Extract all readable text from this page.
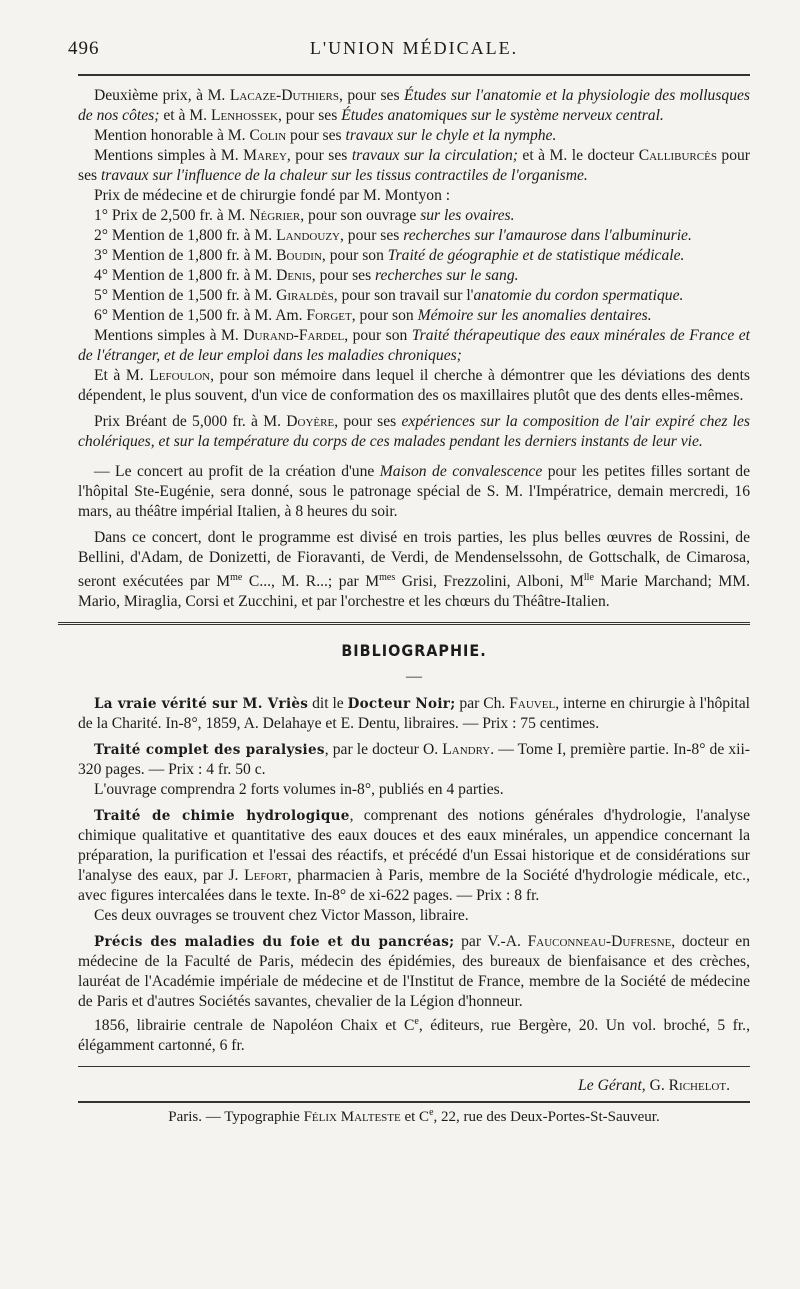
496	L'UNION MÉDICALE.

Deuxième prix, à M. Lacaze-Duthiers, pour ses Études sur l'anatomie et la physiologie des mollusques de nos côtes; et à M. Lenhossek, pour ses Études anatomiques sur le système nerveux central.

Mention honorable à M. Colin pour ses travaux sur le chyle et la nymphe.

Mentions simples à M. Marey, pour ses travaux sur la circulation; et à M. le docteur Calliburcès pour ses travaux sur l'influence de la chaleur sur les tissus contractiles de l'organisme.

Prix de médecine et de chirurgie fondé par M. Montyon :

1° Prix de 2,500 fr. à M. Négrier, pour son ouvrage sur les ovaires.

2° Mention de 1,800 fr. à M. Landouzy, pour ses recherches sur l'amaurose dans l'albuminurie.

3° Mention de 1,800 fr. à M. Boudin, pour son Traité de géographie et de statistique médicale.

4° Mention de 1,800 fr. à M. Denis, pour ses recherches sur le sang.

5° Mention de 1,500 fr. à M. Giraldès, pour son travail sur l'anatomie du cordon spermatique.

6° Mention de 1,500 fr. à M. Am. Forget, pour son Mémoire sur les anomalies dentaires.

Mentions simples à M. Durand-Fardel, pour son Traité thérapeutique des eaux minérales de France et de l'étranger, et de leur emploi dans les maladies chroniques;

Et à M. Lefoulon, pour son mémoire dans lequel il cherche à démontrer que les déviations des dents dépendent, le plus souvent, d'un vice de conformation des os maxillaires plutôt que des dents elles-mêmes.

Prix Bréant de 5,000 fr. à M. Doyère, pour ses expériences sur la composition de l'air expiré chez les cholériques, et sur la température du corps de ces malades pendant les derniers instants de leur vie.

— Le concert au profit de la création d'une Maison de convalescence pour les petites filles sortant de l'hôpital Ste-Eugénie, sera donné, sous le patronage spécial de S. M. l'Impératrice, demain mercredi, 16 mars, au théâtre impérial Italien, à 8 heures du soir.

Dans ce concert, dont le programme est divisé en trois parties, les plus belles œuvres de Rossini, de Bellini, d'Adam, de Donizetti, de Fioravanti, de Verdi, de Mendenselssohn, de Gottschalk, de Cimarosa, seront exécutées par $M^{me}$ C..., M. R...; par $M^{mes}$ Grisi, Frezzolini, Alboni, $M^{lle}$ Marie Marchand; MM. Mario, Miraglia, Corsi et Zucchini, et par l'orchestre et les chœurs du Théâtre-Italien.

BIBLIOGRAPHIE.
—

La vraie vérité sur M. Vriès dit le Docteur Noir; par Ch. Fauvel, interne en chirurgie à l'hôpital de la Charité. In-8°, 1859, A. Delahaye et E. Dentu, libraires. — Prix : 75 centimes.

Traité complet des paralysies, par le docteur O. Landry. — Tome I, première partie. In-8° de xii-320 pages. — Prix : 4 fr. 50 c.

L'ouvrage comprendra 2 forts volumes in-8°, publiés en 4 parties.

Traité de chimie hydrologique, comprenant des notions générales d'hydrologie, l'analyse chimique qualitative et quantitative des eaux douces et des eaux minérales, un appendice concernant la préparation, la purification et l'essai des réactifs, et précédé d'un Essai historique et de considérations sur l'analyse des eaux, par J. Lefort, pharmacien à Paris, membre de la Société d'hydrologie médicale, etc., avec figures intercalées dans le texte. In-8° de xi-622 pages. — Prix : 8 fr.

Ces deux ouvrages se trouvent chez Victor Masson, libraire.

Précis des maladies du foie et du pancréas; par V.-A. Fauconneau-Dufresne, docteur en médecine de la Faculté de Paris, médecin des épidémies, des bureaux de bienfaisance et des crèches, lauréat de l'Académie impériale de médecine et de l'Institut de France, membre de la Société de médecine de Paris et d'autres Sociétés savantes, chevalier de la Légion d'honneur.

1856, librairie centrale de Napoléon Chaix et Ce, éditeurs, rue Bergère, 20. Un vol. broché, 5 fr., élégamment cartonné, 6 fr.

Le Gérant, G. Richelot.
Paris. — Typographie Félix Malteste et Ce, 22, rue des Deux-Portes-St-Sauveur.
